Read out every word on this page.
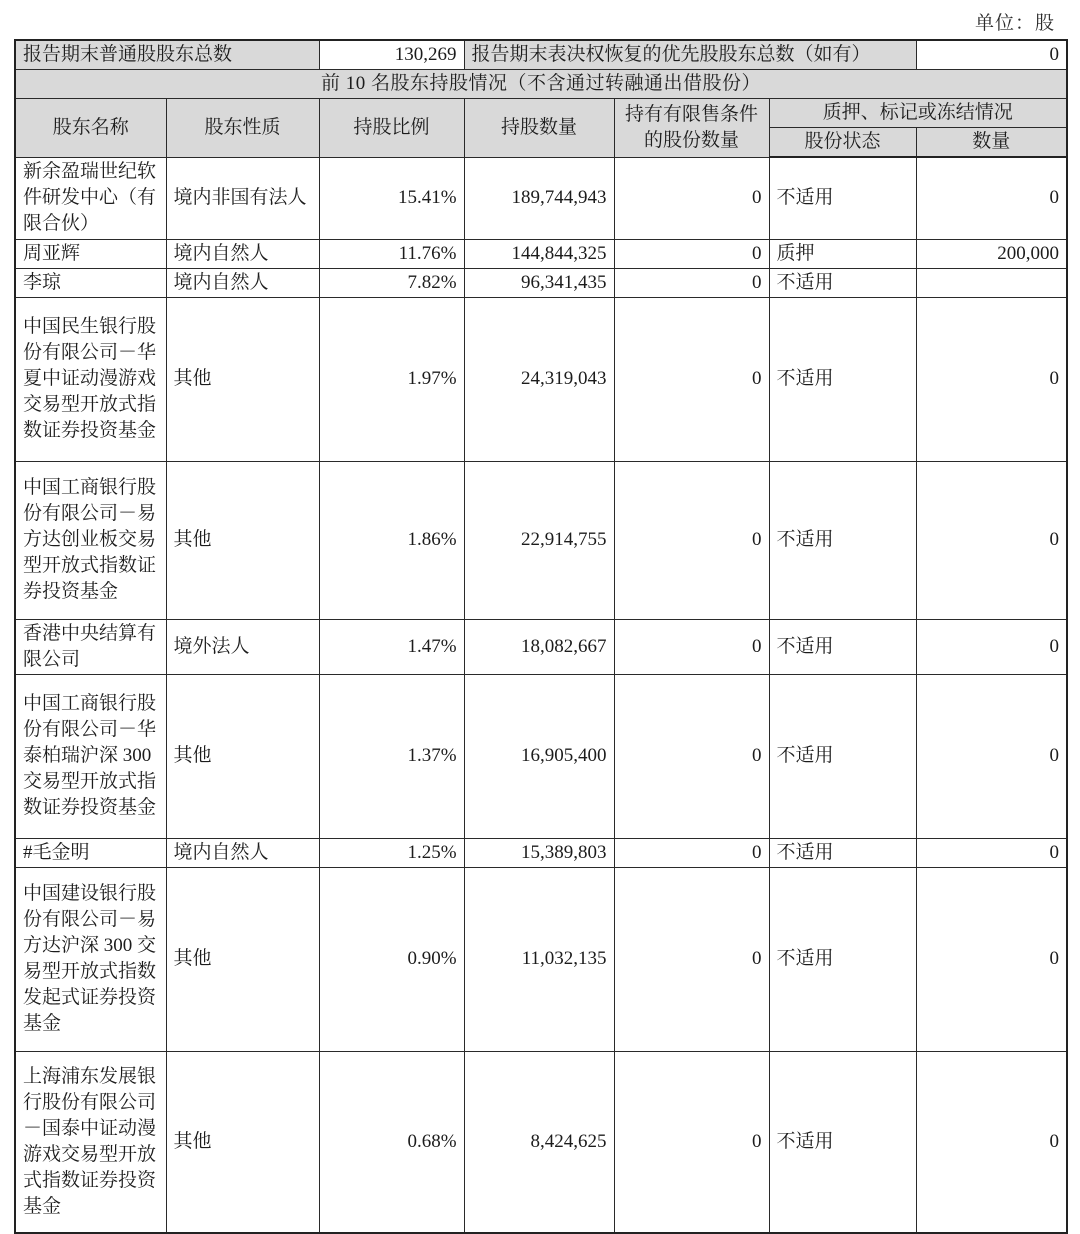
单位：股
报告期末普通股股东总数		130,269	报告期末表决权恢复的优先股股东总数（如有）			0
前 10 名股东持股情况（不含通过转融通出借股份）						
股东名称	股东性质	持股比例	持股数量	持有有限售条件的股份数量	质押、标记或冻结情况	
					股份状态	数量
新余盈瑞世纪软件研发中心（有限合伙）	境内非国有法人	15.41%	189,744,943	0	不适用	0
周亚辉	境内自然人	11.76%	144,844,325	0	质押	200,000
李琼	境内自然人	7.82%	96,341,435	0	不适用	
中国民生银行股份有限公司－华夏中证动漫游戏交易型开放式指数证券投资基金	其他	1.97%	24,319,043	0	不适用	0
中国工商银行股份有限公司－易方达创业板交易型开放式指数证券投资基金	其他	1.86%	22,914,755	0	不适用	0
香港中央结算有限公司	境外法人	1.47%	18,082,667	0	不适用	0
中国工商银行股份有限公司－华泰柏瑞沪深 300 交易型开放式指数证券投资基金	其他	1.37%	16,905,400	0	不适用	0
#毛金明	境内自然人	1.25%	15,389,803	0	不适用	0
中国建设银行股份有限公司－易方达沪深 300 交易型开放式指数发起式证券投资基金	其他	0.90%	11,032,135	0	不适用	0
上海浦东发展银行股份有限公司－国泰中证动漫游戏交易型开放式指数证券投资基金	其他	0.68%	8,424,625	0	不适用	0
